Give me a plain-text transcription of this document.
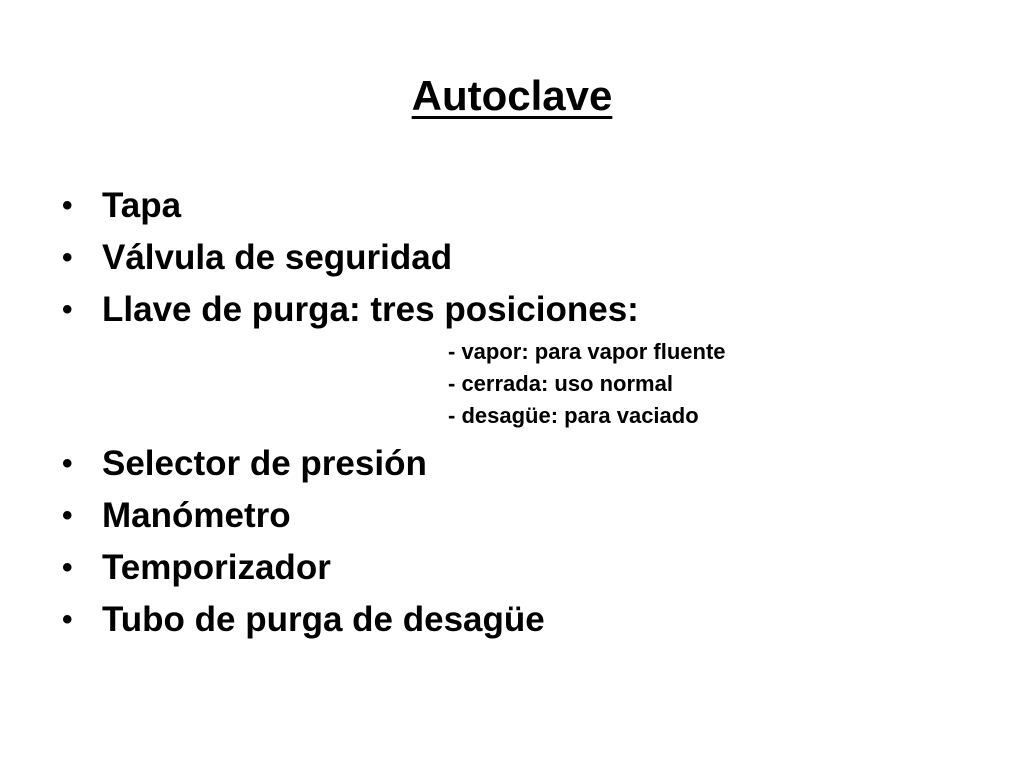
Autoclave
• Tapa
• Válvula de seguridad
• Llave de purga: tres posiciones:
- vapor: para vapor fluente
- cerrada: uso normal
- desagüe: para vaciado
• Selector de presión
• Manómetro
• Temporizador
• Tubo de purga de desagüe
